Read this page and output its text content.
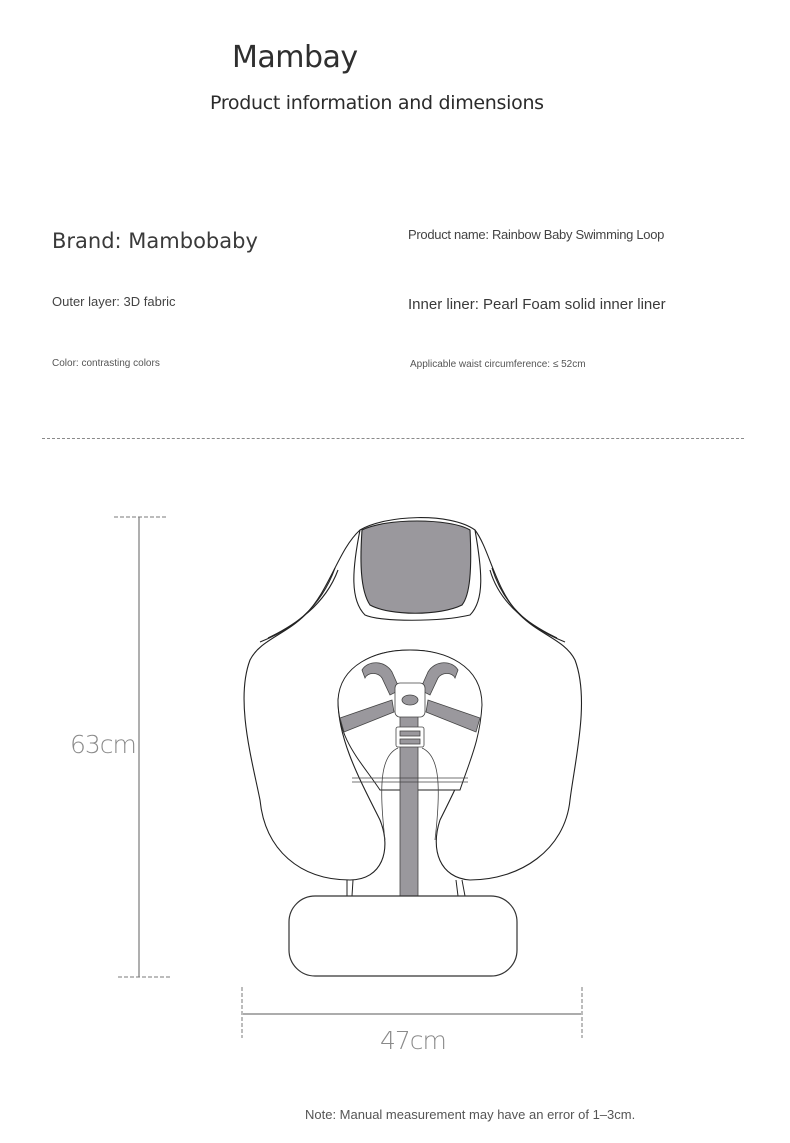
Mambay
Product information and dimensions
Brand: Mambobaby	Product name: Rainbow Baby Swimming Loop
Outer layer: 3D fabric	Inner liner: Pearl Foam solid inner liner
Color: contrasting colors	Applicable waist circumference: ≤ 52cm
63cm
47cm
Note: Manual measurement may have an error of 1–3cm.
